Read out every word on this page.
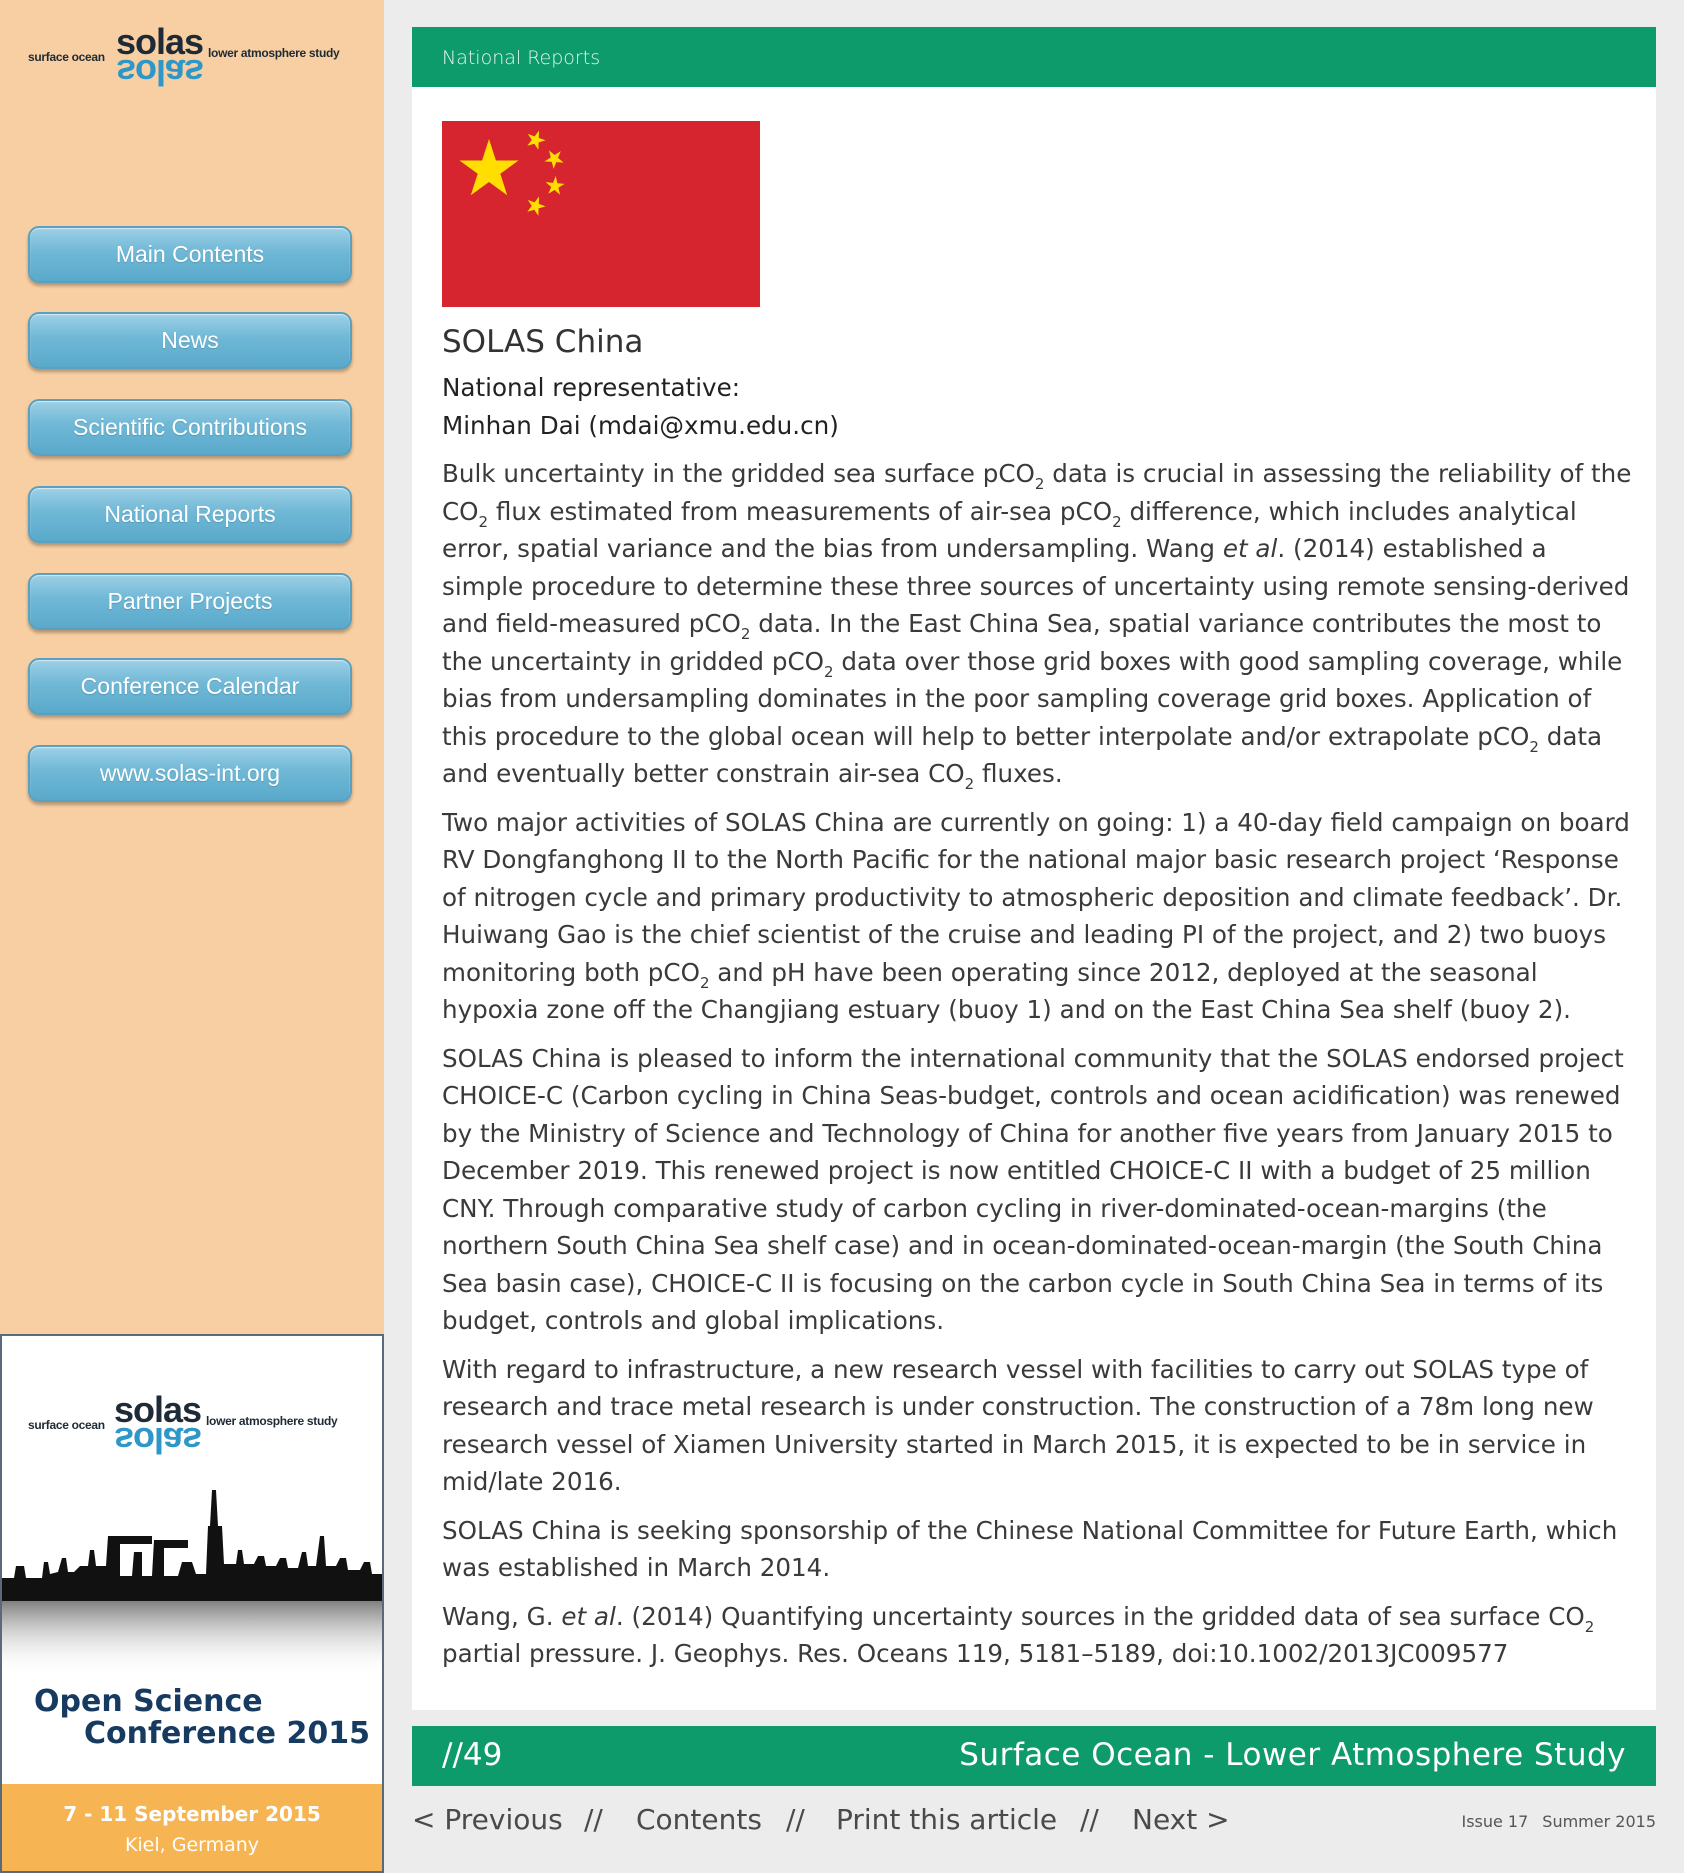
surface ocean solas
solas lower atmosphere study
Main Contents
News
Scientific Contributions
National Reports
Partner Projects
Conference Calendar
www.solas-int.org
surface ocean solas
solas lower atmosphere study
Open Science
Conference 2015
7 - 11 September 2015
Kiel, Germany
National Reports
SOLAS China
National representative:
Minhan Dai (mdai@xmu.edu.cn)

Bulk uncertainty in the gridded sea surface pCO$_2$ data is crucial in assessing the reliability of the $CO_2$ flux estimated from measurements of air-sea pCO$_2$ difference, which includes analytical error, spatial variance and the bias from undersampling. Wang et al. (2014) established a simple procedure to determine these three sources of uncertainty using remote sensing-derived and field-measured pCO$_2$ data. In the East China Sea, spatial variance contributes the most to the uncertainty in gridded pCO$_2$ data over those grid boxes with good sampling coverage, while bias from undersampling dominates in the poor sampling coverage grid boxes. Application of this procedure to the global ocean will help to better interpolate and/or extrapolate pCO$_2$ data and eventually better constrain air-sea $CO_2$ fluxes.

Two major activities of SOLAS China are currently on going: 1) a 40-day field campaign on board RV Dongfanghong II to the North Pacific for the national major basic research project ‘Response of nitrogen cycle and primary productivity to atmospheric deposition and climate feedback’. Dr. Huiwang Gao is the chief scientist of the cruise and leading PI of the project, and 2) two buoys monitoring both pCO$_2$ and pH have been operating since 2012, deployed at the seasonal hypoxia zone off the Changjiang estuary (buoy 1) and on the East China Sea shelf (buoy 2).

SOLAS China is pleased to inform the international community that the SOLAS endorsed project CHOICE-C (Carbon cycling in China Seas-budget, controls and ocean acidification) was renewed by the Ministry of Science and Technology of China for another five years from January 2015 to December 2019. This renewed project is now entitled CHOICE-C II with a budget of 25 million CNY. Through comparative study of carbon cycling in river-dominated-ocean-margins (the northern South China Sea shelf case) and in ocean-dominated-ocean-margin (the South China Sea basin case), CHOICE-C II is focusing on the carbon cycle in South China Sea in terms of its budget, controls and global implications.

With regard to infrastructure, a new research vessel with facilities to carry out SOLAS type of research and trace metal research is under construction. The construction of a 78m long new research vessel of Xiamen University started in March 2015, it is expected to be in service in mid/late 2016.

SOLAS China is seeking sponsorship of the Chinese National Committee for Future Earth, which was established in March 2014.

Wang, G. et al. (2014) Quantifying uncertainty sources in the gridded data of sea surface $CO_2$ partial pressure. J. Geophys. Res. Oceans 119, 5181–5189, doi:10.1002/2013JC009577

//49	Surface Ocean - Lower Atmosphere Study
< Previous // Contents // Print this article // Next >	Issue 17 Summer 2015
